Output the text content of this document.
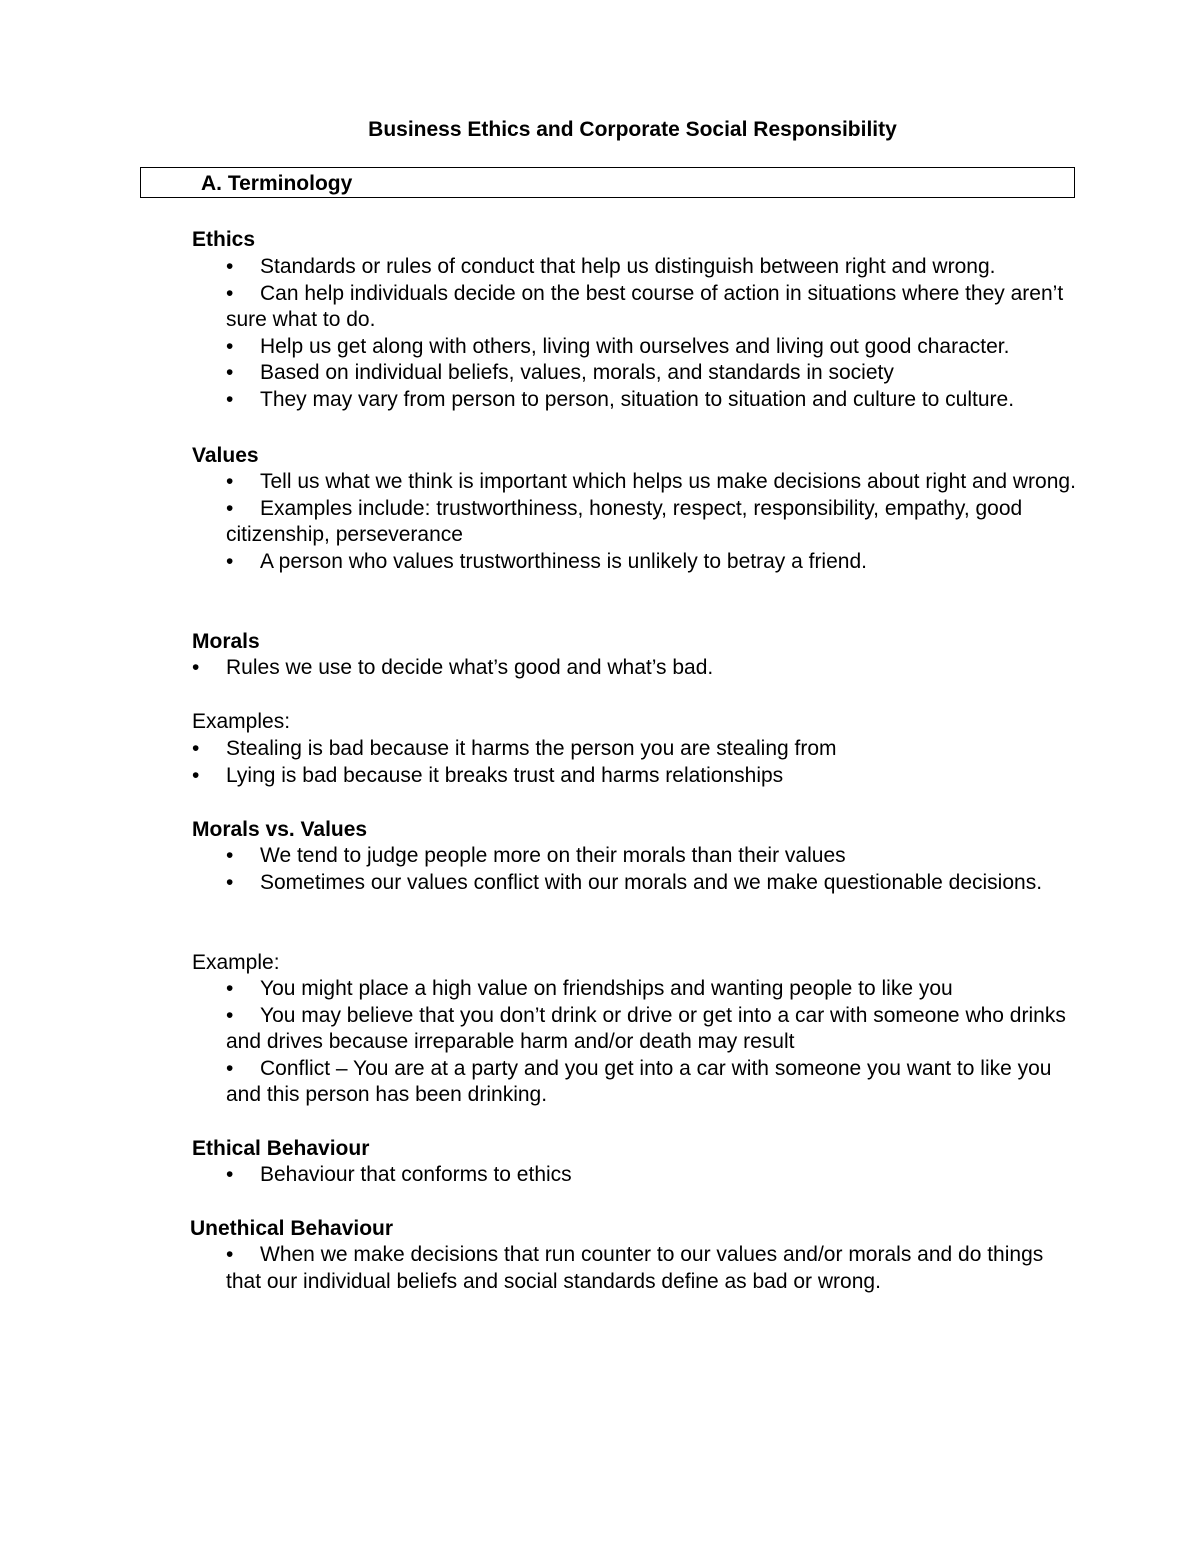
Business Ethics and Corporate Social Responsibility
A. Terminology
Ethics
• Standards or rules of conduct that help us distinguish between right and wrong.
• Can help individuals decide on the best course of action in situations where they aren’t sure what to do.
• Help us get along with others, living with ourselves and living out good character.
• Based on individual beliefs, values, morals, and standards in society
• They may vary from person to person, situation to situation and culture to culture.
Values
• Tell us what we think is important which helps us make decisions about right and wrong.
• Examples include: trustworthiness, honesty, respect, responsibility, empathy, good citizenship, perseverance
• A person who values trustworthiness is unlikely to betray a friend.
Morals
• Rules we use to decide what’s good and what’s bad.
Examples:
• Stealing is bad because it harms the person you are stealing from
• Lying is bad because it breaks trust and harms relationships
Morals vs. Values
• We tend to judge people more on their morals than their values
• Sometimes our values conflict with our morals and we make questionable decisions.
Example:
• You might place a high value on friendships and wanting people to like you
• You may believe that you don’t drink or drive or get into a car with someone who drinks and drives because irreparable harm and/or death may result
• Conflict – You are at a party and you get into a car with someone you want to like you and this person has been drinking.
Ethical Behaviour
• Behaviour that conforms to ethics
Unethical Behaviour
• When we make decisions that run counter to our values and/or morals and do things that our individual beliefs and social standards define as bad or wrong.
